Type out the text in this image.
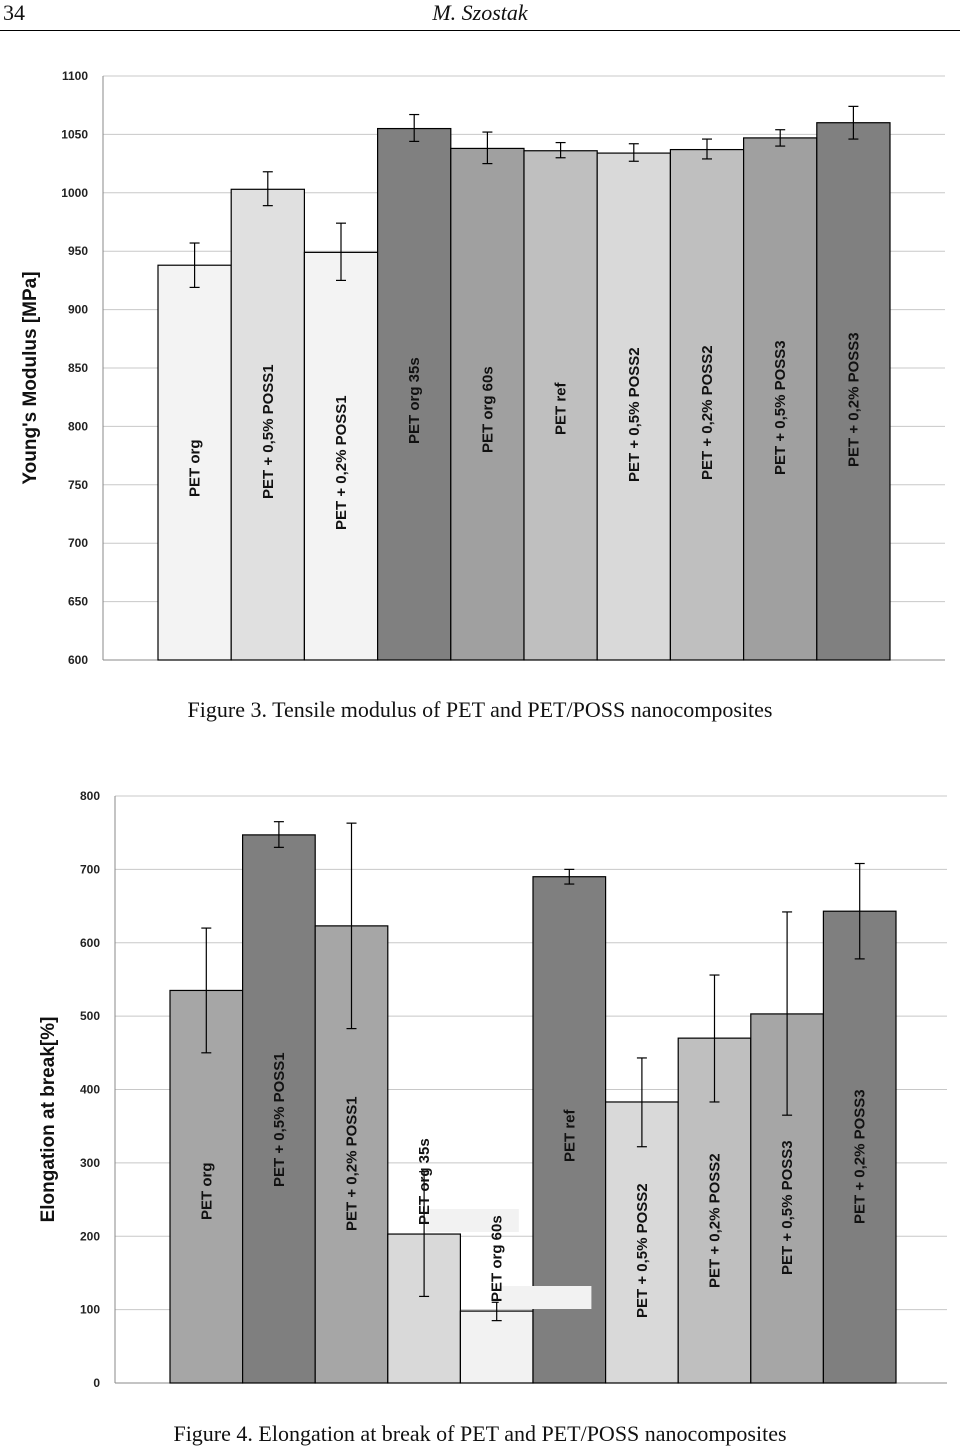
34	M. Szostak
600
650
700
750
800
850
900
950
1000
1050
1100
Young's Modulus [MPa]	PET org	PET + 0,5% POSS1	PET + 0,2% POSS1	PET org 35s	PET org 60s	PET ref	PET + 0,5% POSS2	PET + 0,2% POSS2	PET + 0,5% POSS3	PET + 0,2% POSS3
Figure 3. Tensile modulus of PET and PET/POSS nanocomposites
0
100
200
300
400
500
600
700
800
Elongation at break[%]	PET org
PET + 0,5% POSS1	PET + 0,2% POSS1	PET org 35s
PET org 60s
PET ref
PET + 0,5% POSS2	PET + 0,2% POSS2	PET + 0,5% POSS3	PET + 0,2% POSS3
Figure 4. Elongation at break of PET and PET/POSS nanocomposites
